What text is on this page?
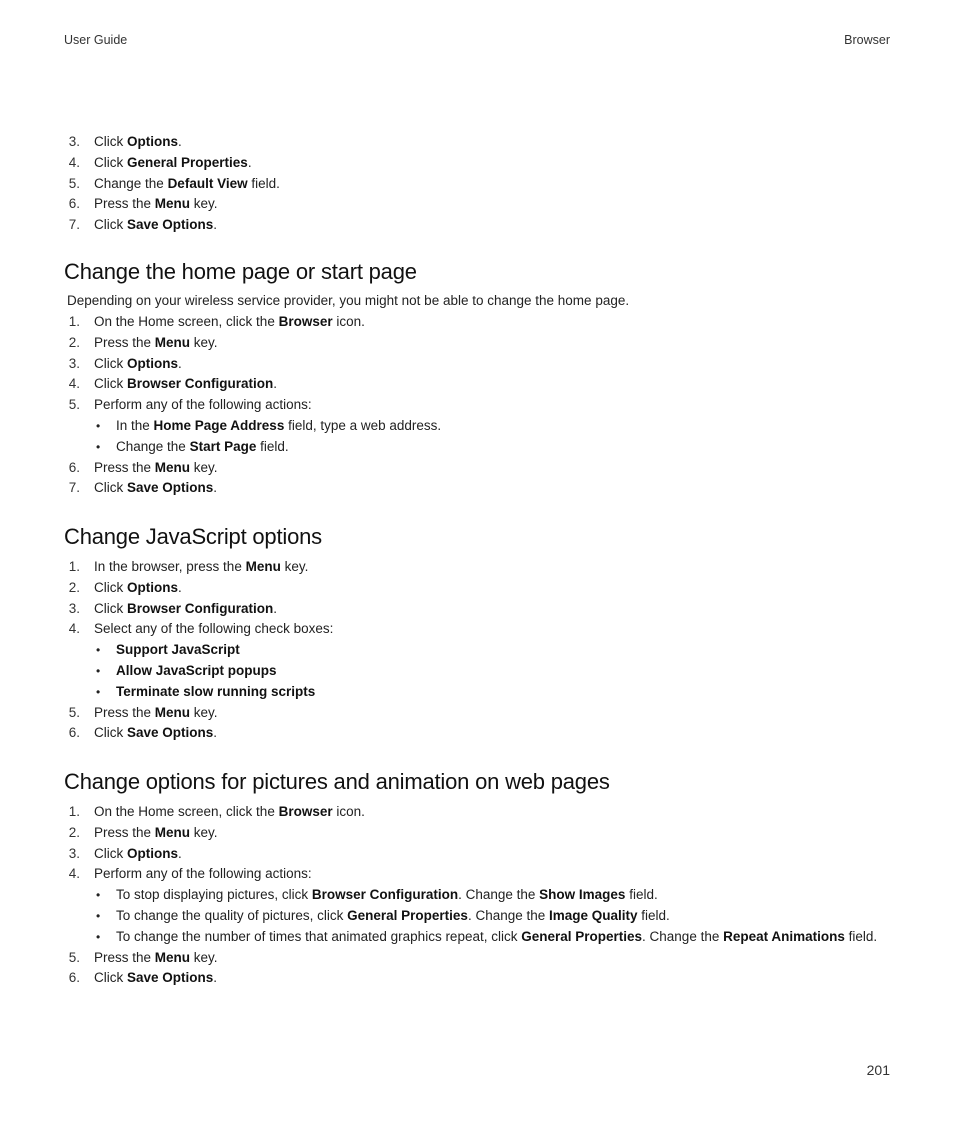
User Guide	Browser
3. Click Options.
4. Click General Properties.
5. Change the Default View field.
6. Press the Menu key.
7. Click Save Options.
Change the home page or start page
Depending on your wireless service provider, you might not be able to change the home page.
1. On the Home screen, click the Browser icon.
2. Press the Menu key.
3. Click Options.
4. Click Browser Configuration.
5. Perform any of the following actions:
• In the Home Page Address field, type a web address.
• Change the Start Page field.
6. Press the Menu key.
7. Click Save Options.
Change JavaScript options
1. In the browser, press the Menu key.
2. Click Options.
3. Click Browser Configuration.
4. Select any of the following check boxes:
• Support JavaScript
• Allow JavaScript popups
• Terminate slow running scripts
5. Press the Menu key.
6. Click Save Options.
Change options for pictures and animation on web pages
1. On the Home screen, click the Browser icon.
2. Press the Menu key.
3. Click Options.
4. Perform any of the following actions:
• To stop displaying pictures, click Browser Configuration. Change the Show Images field.
• To change the quality of pictures, click General Properties. Change the Image Quality field.
• To change the number of times that animated graphics repeat, click General Properties. Change the Repeat Animations field.
5. Press the Menu key.
6. Click Save Options.
201
